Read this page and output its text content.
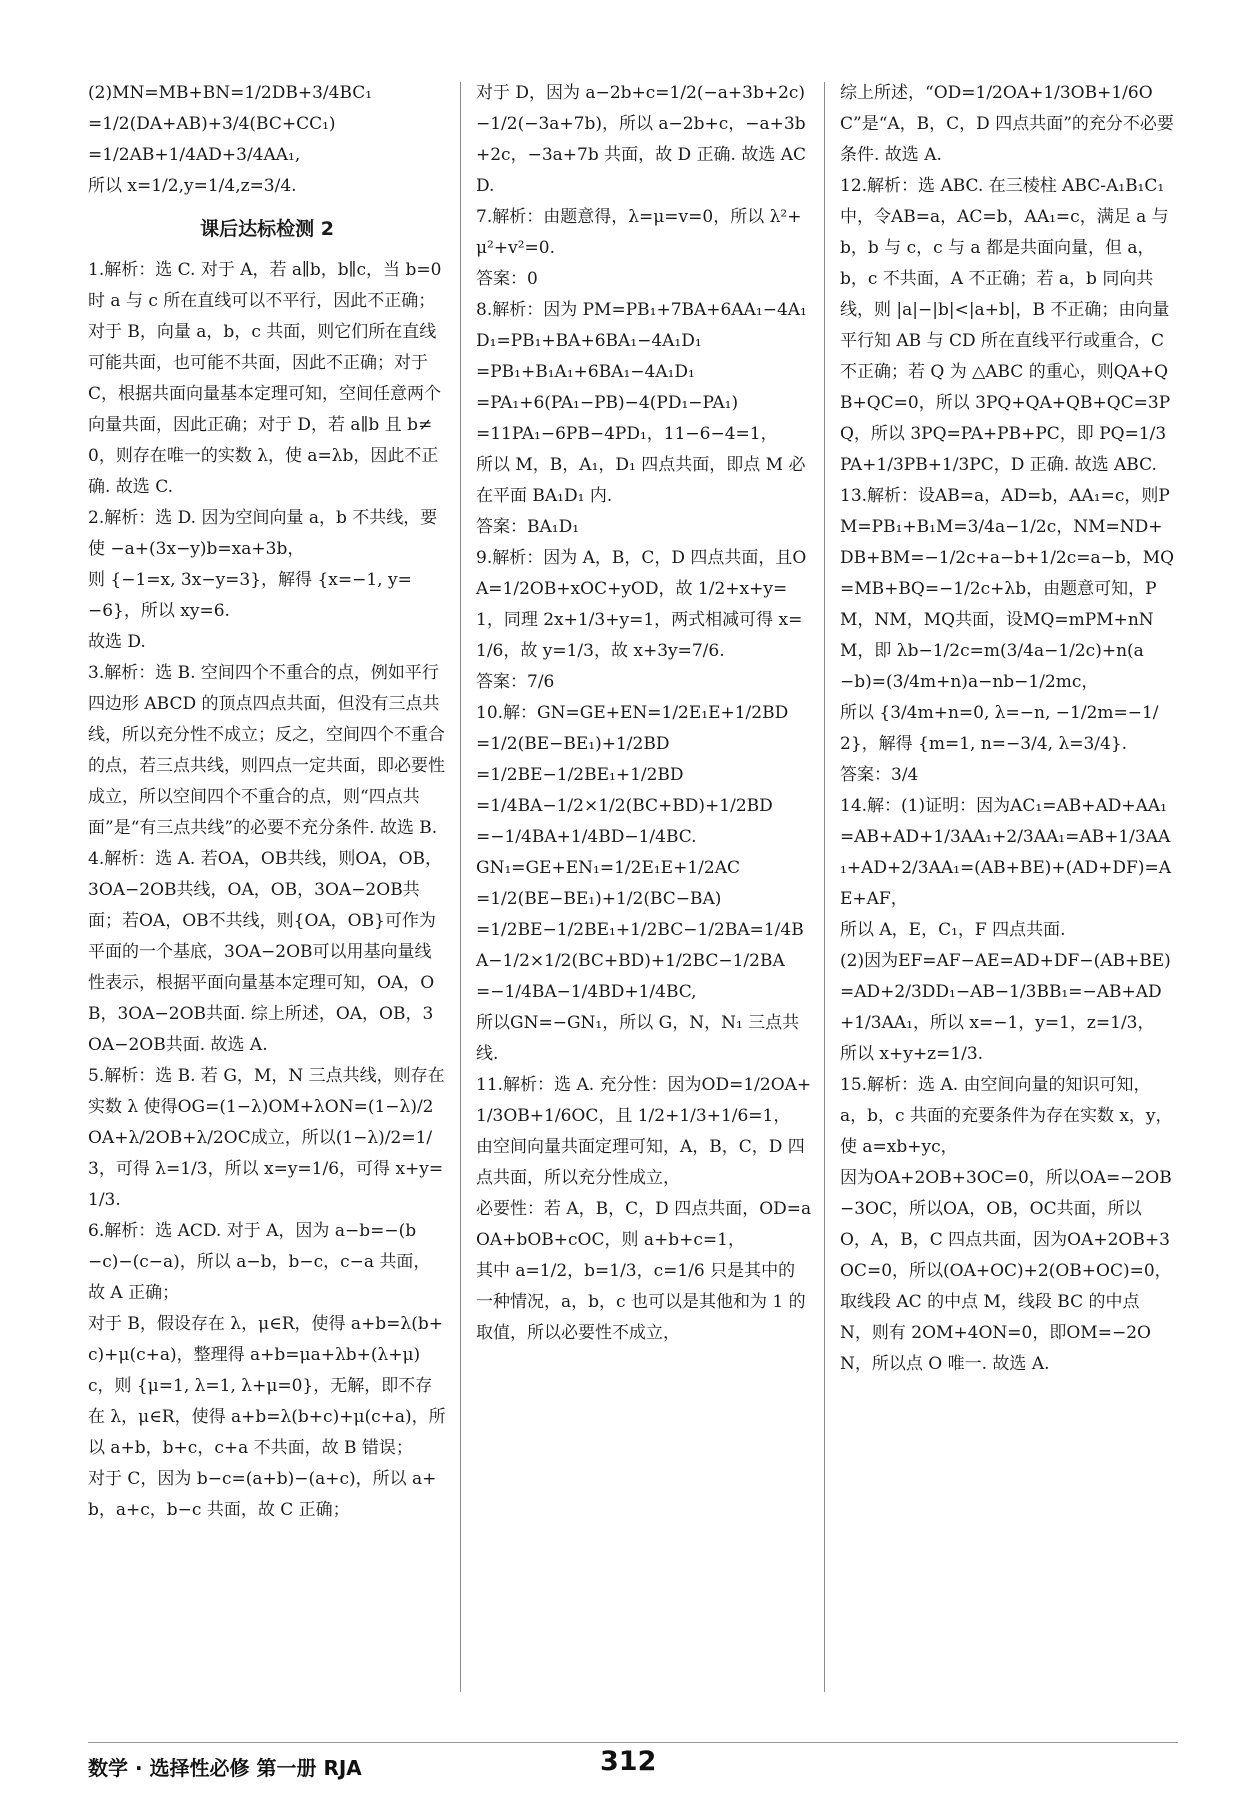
(2)MN=MB+BN=1/2DB+3/4BC₁
=1/2(DA+AB)+3/4(BC+CC₁)
=1/2AB+1/4AD+3/4AA₁,
所以 x=1/2,y=1/4,z=3/4.
课后达标检测 2
1.解析：选 C. 对于 A，若 a∥b，b∥c，当 b=0 时 a 与 c 所在直线可以不平行，因此不正确；对于 B，向量 a，b，c 共面，则它们所在直线可能共面，也可能不共面，因此不正确；对于 C，根据共面向量基本定理可知，空间任意两个向量共面，因此正确；对于 D，若 a∥b 且 b≠0，则存在唯一的实数 λ，使 a=λb，因此不正确. 故选 C.
2.解析：选 D. 因为空间向量 a，b 不共线，要使 −a+(3x−y)b=xa+3b，
则 {−1=x, 3x−y=3}，解得 {x=−1, y=−6}，所以 xy=6.
故选 D.
3.解析：选 B. 空间四个不重合的点，例如平行四边形 ABCD 的顶点四点共面，但没有三点共线，所以充分性不成立；反之，空间四个不重合的点，若三点共线，则四点一定共面，即必要性成立，所以空间四个不重合的点，则“四点共面”是“有三点共线”的必要不充分条件. 故选 B.
4.解析：选 A. 若OA，OB共线，则OA，OB，3OA−2OB共线，OA，OB，3OA−2OB共面；若OA，OB不共线，则{OA，OB}可作为平面的一个基底，3OA−2OB可以用基向量线性表示，根据平面向量基本定理可知，OA，OB，3OA−2OB共面. 综上所述，OA，OB，3OA−2OB共面. 故选 A.
5.解析：选 B. 若 G，M，N 三点共线，则存在实数 λ 使得OG=(1−λ)OM+λON=(1−λ)/2OA+λ/2OB+λ/2OC成立，所以(1−λ)/2=1/3，可得 λ=1/3，所以 x=y=1/6，可得 x+y=1/3.
6.解析：选 ACD. 对于 A，因为 a−b=−(b−c)−(c−a)，所以 a−b，b−c，c−a 共面，故 A 正确；
对于 B，假设存在 λ，μ∈R，使得 a+b=λ(b+c)+μ(c+a)，整理得 a+b=μa+λb+(λ+μ)c，则 {μ=1, λ=1, λ+μ=0}，无解，即不存在 λ，μ∈R，使得 a+b=λ(b+c)+μ(c+a)，所以 a+b，b+c，c+a 不共面，故 B 错误；
对于 C，因为 b−c=(a+b)−(a+c)，所以 a+b，a+c，b−c 共面，故 C 正确；
对于 D，因为 a−2b+c=1/2(−a+3b+2c)−1/2(−3a+7b)，所以 a−2b+c，−a+3b+2c，−3a+7b 共面，故 D 正确. 故选 ACD.
7.解析：由题意得，λ=μ=v=0，所以 λ²+μ²+v²=0.
答案：0
8.解析：因为 PM=PB₁+7BA+6AA₁−4A₁D₁=PB₁+BA+6BA₁−4A₁D₁
=PB₁+B₁A₁+6BA₁−4A₁D₁
=PA₁+6(PA₁−PB)−4(PD₁−PA₁)
=11PA₁−6PB−4PD₁，11−6−4=1，
所以 M，B，A₁，D₁ 四点共面，即点 M 必在平面 BA₁D₁ 内.
答案：BA₁D₁
9.解析：因为 A，B，C，D 四点共面，且OA=1/2OB+xOC+yOD，故 1/2+x+y=1，同理 2x+1/3+y=1，两式相减可得 x=1/6，故 y=1/3，故 x+3y=7/6.
答案：7/6
10.解：GN=GE+EN=1/2E₁E+1/2BD
=1/2(BE−BE₁)+1/2BD
=1/2BE−1/2BE₁+1/2BD
=1/4BA−1/2×1/2(BC+BD)+1/2BD
=−1/4BA+1/4BD−1/4BC.
GN₁=GE+EN₁=1/2E₁E+1/2AC
=1/2(BE−BE₁)+1/2(BC−BA)
=1/2BE−1/2BE₁+1/2BC−1/2BA=1/4BA−1/2×1/2(BC+BD)+1/2BC−1/2BA
=−1/4BA−1/4BD+1/4BC,
所以GN=−GN₁，所以 G，N，N₁ 三点共线.
11.解析：选 A. 充分性：因为OD=1/2OA+1/3OB+1/6OC，且 1/2+1/3+1/6=1，
由空间向量共面定理可知，A，B，C，D 四点共面，所以充分性成立，
必要性：若 A，B，C，D 四点共面，OD=aOA+bOB+cOC，则 a+b+c=1，
其中 a=1/2，b=1/3，c=1/6 只是其中的一种情况，a，b，c 也可以是其他和为 1 的取值，所以必要性不成立，
综上所述，“OD=1/2OA+1/3OB+1/6OC”是“A，B，C，D 四点共面”的充分不必要条件. 故选 A.
12.解析：选 ABC. 在三棱柱 ABC-A₁B₁C₁ 中，令AB=a，AC=b，AA₁=c，满足 a 与 b，b 与 c，c 与 a 都是共面向量，但 a，b，c 不共面，A 不正确；若 a，b 同向共线，则 |a|−|b|<|a+b|，B 不正确；由向量平行知 AB 与 CD 所在直线平行或重合，C 不正确；若 Q 为 △ABC 的重心，则QA+QB+QC=0，所以 3PQ+QA+QB+QC=3PQ，所以 3PQ=PA+PB+PC，即 PQ=1/3PA+1/3PB+1/3PC，D 正确. 故选 ABC.
13.解析：设AB=a，AD=b，AA₁=c，则PM=PB₁+B₁M=3/4a−1/2c，NM=ND+DB+BM=−1/2c+a−b+1/2c=a−b，MQ=MB+BQ=−1/2c+λb，由题意可知，PM，NM，MQ共面，设MQ=mPM+nNM，即 λb−1/2c=m(3/4a−1/2c)+n(a−b)=(3/4m+n)a−nb−1/2mc，
所以 {3/4m+n=0, λ=−n, −1/2m=−1/2}，解得 {m=1, n=−3/4, λ=3/4}.
答案：3/4
14.解：(1)证明：因为AC₁=AB+AD+AA₁=AB+AD+1/3AA₁+2/3AA₁=AB+1/3AA₁+AD+2/3AA₁=(AB+BE)+(AD+DF)=AE+AF，
所以 A，E，C₁，F 四点共面.
(2)因为EF=AF−AE=AD+DF−(AB+BE)=AD+2/3DD₁−AB−1/3BB₁=−AB+AD+1/3AA₁，所以 x=−1，y=1，z=1/3，
所以 x+y+z=1/3.
15.解析：选 A. 由空间向量的知识可知，a，b，c 共面的充要条件为存在实数 x，y，使 a=xb+yc，
因为OA+2OB+3OC=0，所以OA=−2OB−3OC，所以OA，OB，OC共面，所以 O，A，B，C 四点共面，因为OA+2OB+3OC=0，所以(OA+OC)+2(OB+OC)=0，取线段 AC 的中点 M，线段 BC 的中点 N，则有 2OM+4ON=0，即OM=−2ON，所以点 O 唯一. 故选 A.
数学 · 选择性必修 第一册 RJA	312
